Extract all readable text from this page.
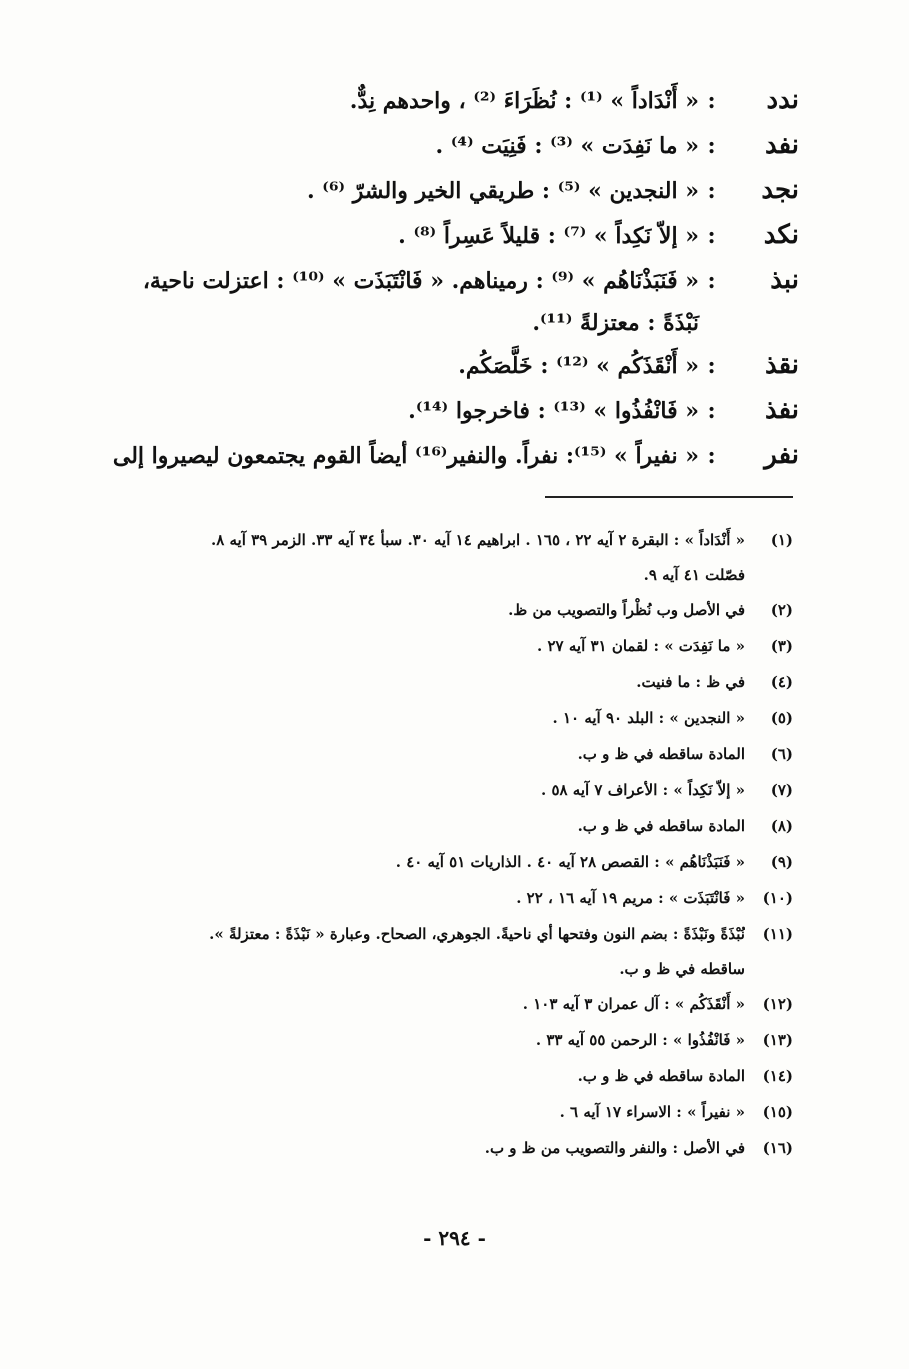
ندد
:
« أَنْدَاداً » ⁽¹⁾ : نُظَرَاءَ ⁽²⁾ ، واحدهم نِدٌّ.
نفد
:
« ما نَفِدَت » ⁽³⁾ : فَنِيَت ⁽⁴⁾ .
نجد
:
« النجدين » ⁽⁵⁾ : طريقي الخير والشرّ ⁽⁶⁾ .
نكد
:
« إلاّ نَكِداً » ⁽⁷⁾ : قليلاً عَسِراً ⁽⁸⁾ .
نبذ
:
« فَنَبَذْنَاهُم » ⁽⁹⁾ : رميناهم. « فَانْتَبَذَت » ⁽¹⁰⁾ : اعتزلت ناحية،
نَبْذَةً : معتزلةً ⁽¹¹⁾.
نقذ
:
« أَنْقَذَكُم » ⁽¹²⁾ : خَلَّصَكُم.
نفذ
:
« فَانْفُذُوا » ⁽¹³⁾ : فاخرجوا ⁽¹⁴⁾.
نفر
:
« نفيراً » ⁽¹⁵⁾: نفراً. والنفير⁽¹⁶⁾ أيضاً القوم يجتمعون ليصيروا إلى
(١)
« أَنْدَاداً » : البقرة ٢ آيه ٢٢ ، ١٦٥ . ابراهيم ١٤ آيه ٣٠. سبأ ٣٤ آيه ٣٣. الزمر ٣٩ آيه ٨.
فصّلت ٤١ آيه ٩.
(٢)
في الأصل وب نُظْراً والتصويب من ظ.
(٣)
« ما نَفِدَت » : لقمان ٣١ آيه ٢٧ .
(٤)
في ظ : ما فنيت.
(٥)
« النجدين » : البلد ٩٠ آيه ١٠ .
(٦)
المادة ساقطه في ظ و ب.
(٧)
« إلاّ نَكِداً » : الأعراف ٧ آيه ٥٨ .
(٨)
المادة ساقطه في ظ و ب.
(٩)
« فَنَبَذْنَاهُم » : القصص ٢٨ آيه ٤٠ . الذاريات ٥١ آيه ٤٠ .
(١٠)
« فَانْتَبَذَت » : مريم ١٩ آيه ١٦ ، ٢٢ .
(١١)
نُبْذَةً ونَبْذَةً : بضم النون وفتحها أي ناحيةً. الجوهري، الصحاح. وعبارة « نَبْذَةً : معتزلةً ».
ساقطه في ظ و ب.
(١٢)
« أَنْقَذَكُم » : آل عمران ٣ آيه ١٠٣ .
(١٣)
« فَانْفُذُوا » : الرحمن ٥٥ آيه ٣٣ .
(١٤)
المادة ساقطه في ظ و ب.
(١٥)
« نفيراً » : الاسراء ١٧ آيه ٦ .
(١٦)
في الأصل : والنفر والتصويب من ظ و ب.
- ٢٩٤ -
